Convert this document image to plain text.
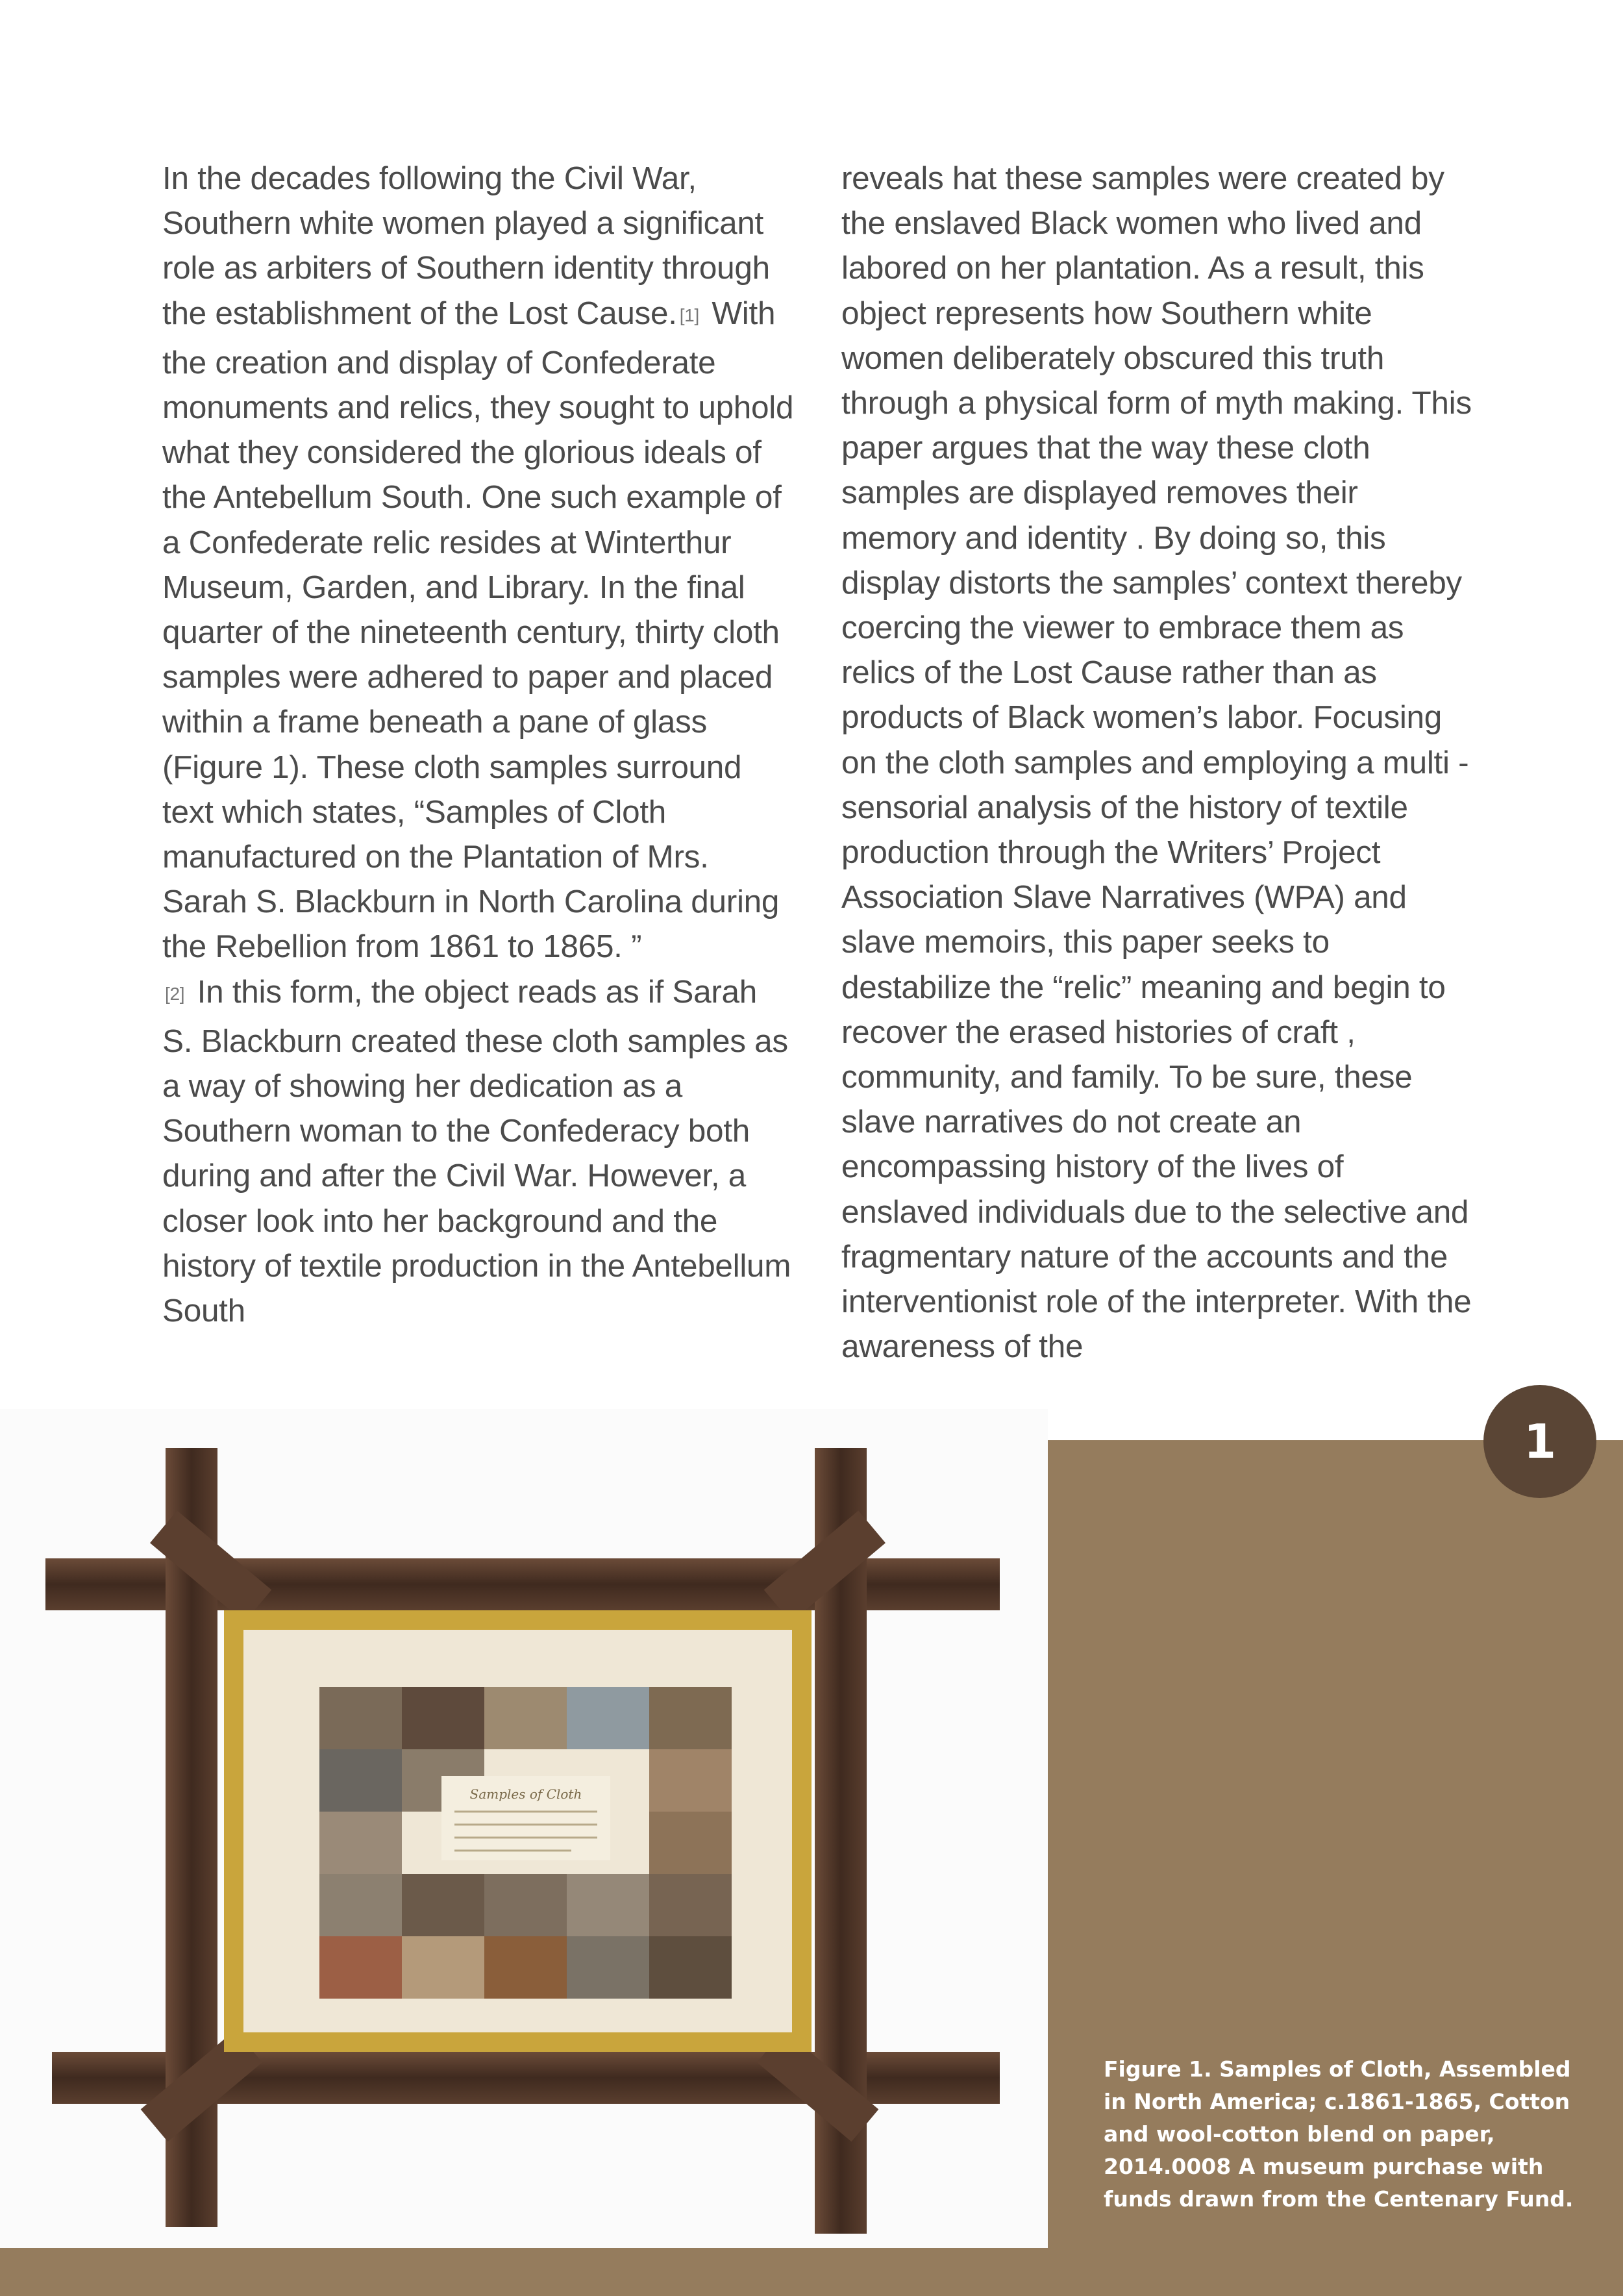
In the decades following the Civil War, Southern white women played a significant role as arbiters of Southern identity through the establishment of the Lost Cause. [1] With the creation and display of Confederate monuments and relics, they sought to uphold what they considered the glorious ideals of the Antebellum South. One such example of a Confederate relic resides at Winterthur Museum, Garden, and Library. In the final quarter of the nineteenth century, thirty cloth samples were adhered to paper and placed within a frame beneath a pane of glass (Figure 1). These cloth samples surround text which states, “Samples of Cloth manufactured on the Plantation of Mrs. Sarah S. Blackburn in North Carolina during the Rebellion from 1861 to 1865. ”
[2] In this form, the object reads as if Sarah S. Blackburn created these cloth samples as a way of showing her dedication as a Southern woman to the Confederacy both during and after the Civil War. However, a closer look into her background and the history of textile production in the Antebellum South

reveals hat these samples were created by the enslaved Black women who lived and labored on her plantation. As a result, this object represents how Southern white women deliberately obscured this truth through a physical form of myth making. This paper argues that the way these cloth samples are displayed removes their memory and identity . By doing so, this display distorts the samples’ context thereby coercing the viewer to embrace them as relics of the Lost Cause rather than as products of Black women’s labor. Focusing on the cloth samples and employing a multi - sensorial analysis of the history of textile production through the Writers’ Project Association Slave Narratives (WPA) and slave memoirs, this paper seeks to destabilize the “relic” meaning and begin to recover the erased histories of craft , community, and family. To be sure, these slave narratives do not create an encompassing history of the lives of enslaved individuals due to the selective and fragmentary nature of the accounts and the interventionist role of the interpreter. With the awareness of the

Samples of Cloth
1
Figure 1. Samples of Cloth, Assembled in North America; c.1861-1865, Cotton and wool-cotton blend on paper, 2014.0008 A museum purchase with funds drawn from the Centenary Fund.
